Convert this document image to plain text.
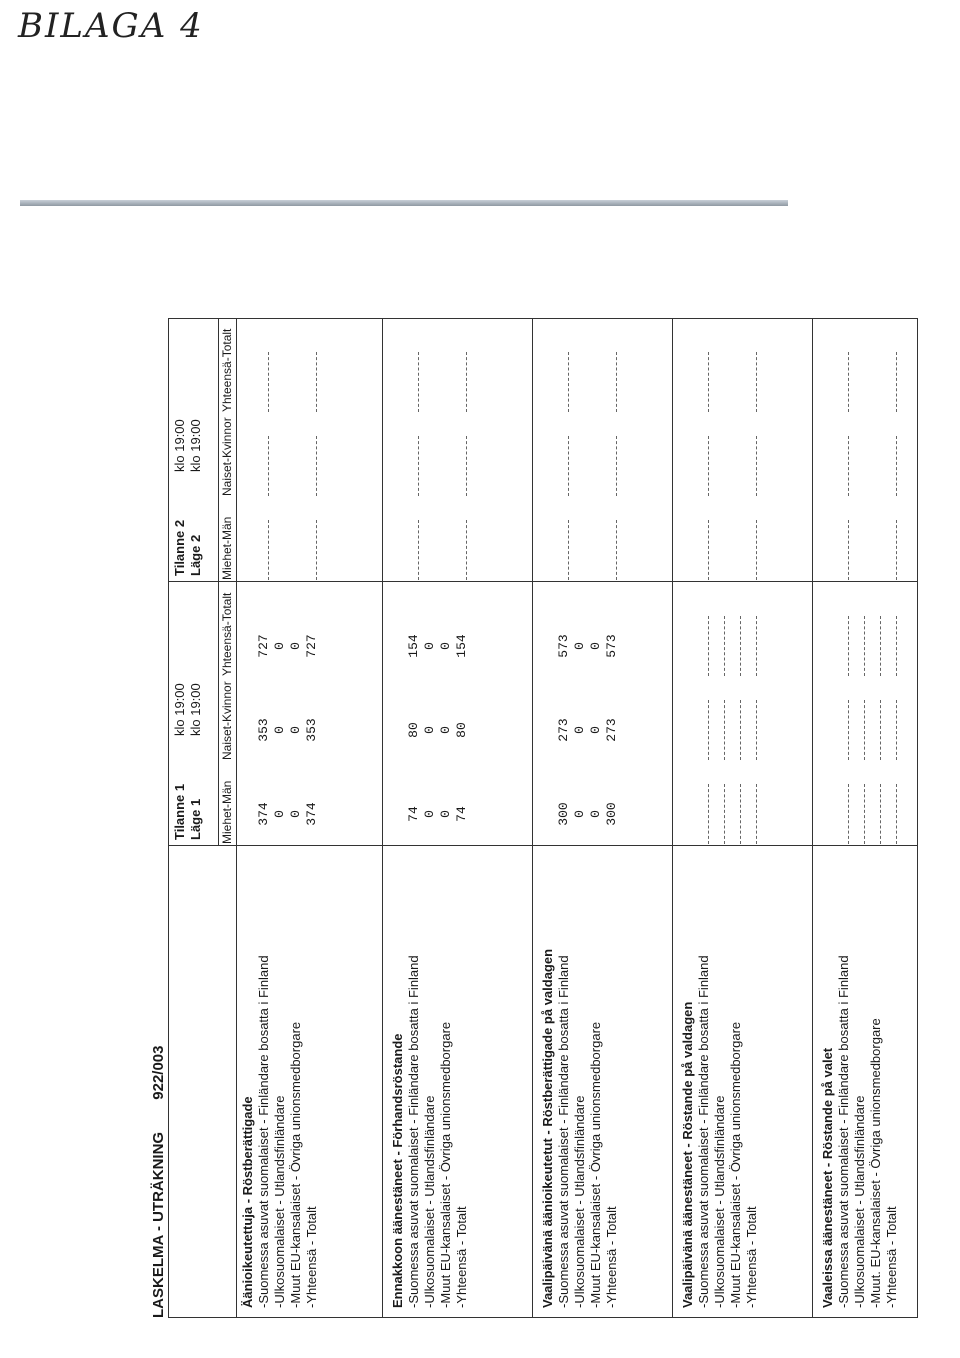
BILAGA 4
LASKELMA - UTRÄKNING 922/003
Tilanne 1 Läge 1
klo 19:00 klo 19:00
Miehet-Män
Naiset-Kvinnor
Yhteensä-Totalt
Tilanne 2 Läge 2
klo 19:00 klo 19:00
Miehet-Män
Naiset-Kvinnor
Yhteensä-Totalt
Äänioikeutettuja - Röstberättigade -Suomessa asuvat suomalaiset - Finländare bosatta i Finland
374
353
727
-Ulkosuomalaiset - Utlandsfinländare
0
0
0
-Muut EU-kansalaiset - Övriga unionsmedborgare
0
0
0
-Yhteensä - Totalt
374
353
727
Ennakkoon äänestäneet - Förhandsröstande -Suomessa asuvat suomalaiset - Finländare bosatta i Finland
74
80
154
-Ulkosuomalaiset - Utlandsfinländare
0
0
0
-Muut EU-kansalaiset - Övriga unionsmedborgare
0
0
0
-Yhteensä - Totalt
74
80
154
Vaalipäivänä äänioikeutetut - Röstberättigade på valdagen -Suomessa asuvat suomalaiset - Finländare bosatta i Finland
300
273
573
-Ulkosuomalaiset - Utlandsfinländare
0
0
0
-Muut EU-kansalaiset - Övriga unionsmedborgare
0
0
0
-Yhteensä - Totalt
300
273
573
Vaalipäivänä äänestäneet - Röstande på valdagen -Suomessa asuvat suomalaiset - Finländare bosatta i Finland -Ulkosuomalaiset - Utlandsfinländare -Muut EU-kansalaiset - Övriga unionsmedborgare -Yhteensä - Totalt	Vaaleissa äänestäneet - Röstande på valet -Suomessa asuvat suomalaiset - Finländare bosatta i Finland -Ulkosuomalaiset - Utlandsfinländare -Muut. EU-kansalaiset - Övriga unionsmedborgare -Yhteensä - Totalt
